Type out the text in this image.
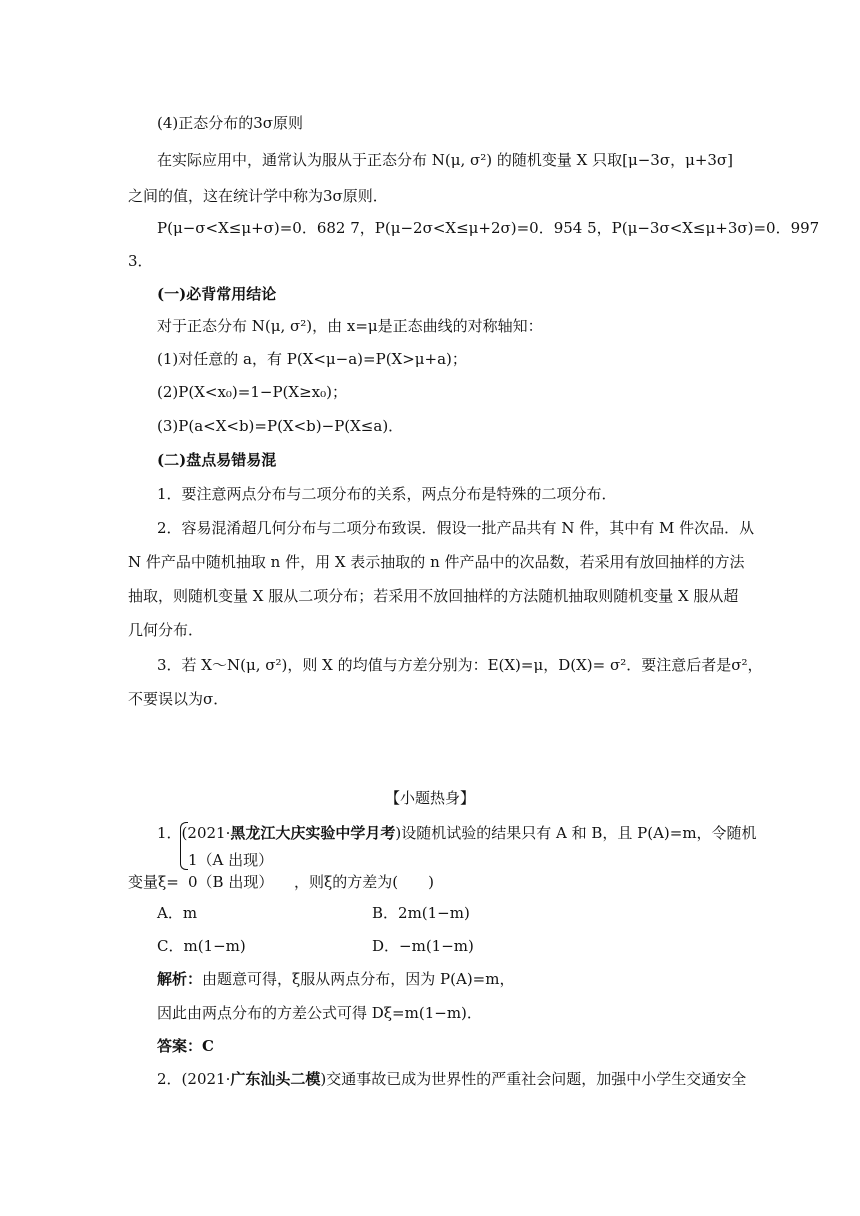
(4)正态分布的3σ原则
在实际应用中，通常认为服从于正态分布 N(μ, σ²) 的随机变量 X 只取[μ−3σ，μ+3σ]
之间的值，这在统计学中称为3σ原则．
P(μ−σ<X≤μ+σ)=0．682 7，P(μ−2σ<X≤μ+2σ)=0．954 5，P(μ−3σ<X≤μ+3σ)=0．997
3．
(一)必背常用结论
对于正态分布 N(μ, σ²)，由 x=μ是正态曲线的对称轴知：
(1)对任意的 a，有 P(X<μ−a)=P(X>μ+a)；
(2)P(X<x₀)=1−P(X≥x₀)；
(3)P(a<X<b)=P(X<b)−P(X≤a)．
(二)盘点易错易混
1．要注意两点分布与二项分布的关系，两点分布是特殊的二项分布．
2．容易混淆超几何分布与二项分布致误．假设一批产品共有 N 件，其中有 M 件次品．从
N 件产品中随机抽取 n 件，用 X 表示抽取的 n 件产品中的次品数，若采用有放回抽样的方法
抽取，则随机变量 X 服从二项分布；若采用不放回抽样的方法随机抽取则随机变量 X 服从超
几何分布．
3．若 X～N(μ, σ²)，则 X 的均值与方差分别为：E(X)=μ，D(X)= σ²．要注意后者是σ²，
不要误以为σ．
【小题热身】
1．(2021·黑龙江大庆实验中学月考)设随机试验的结果只有 A 和 B，且 P(A)=m，令随机
变量ξ=
1（A 出现）
0（B 出现） ，则ξ的方差为(　　)
A．m	B．2m(1−m)
C．m(1−m)	D．−m(1−m)
解析：由题意可得，ξ服从两点分布，因为 P(A)=m，
因此由两点分布的方差公式可得 Dξ=m(1−m)．
答案：C
2．(2021·广东汕头二模)交通事故已成为世界性的严重社会问题，加强中小学生交通安全
